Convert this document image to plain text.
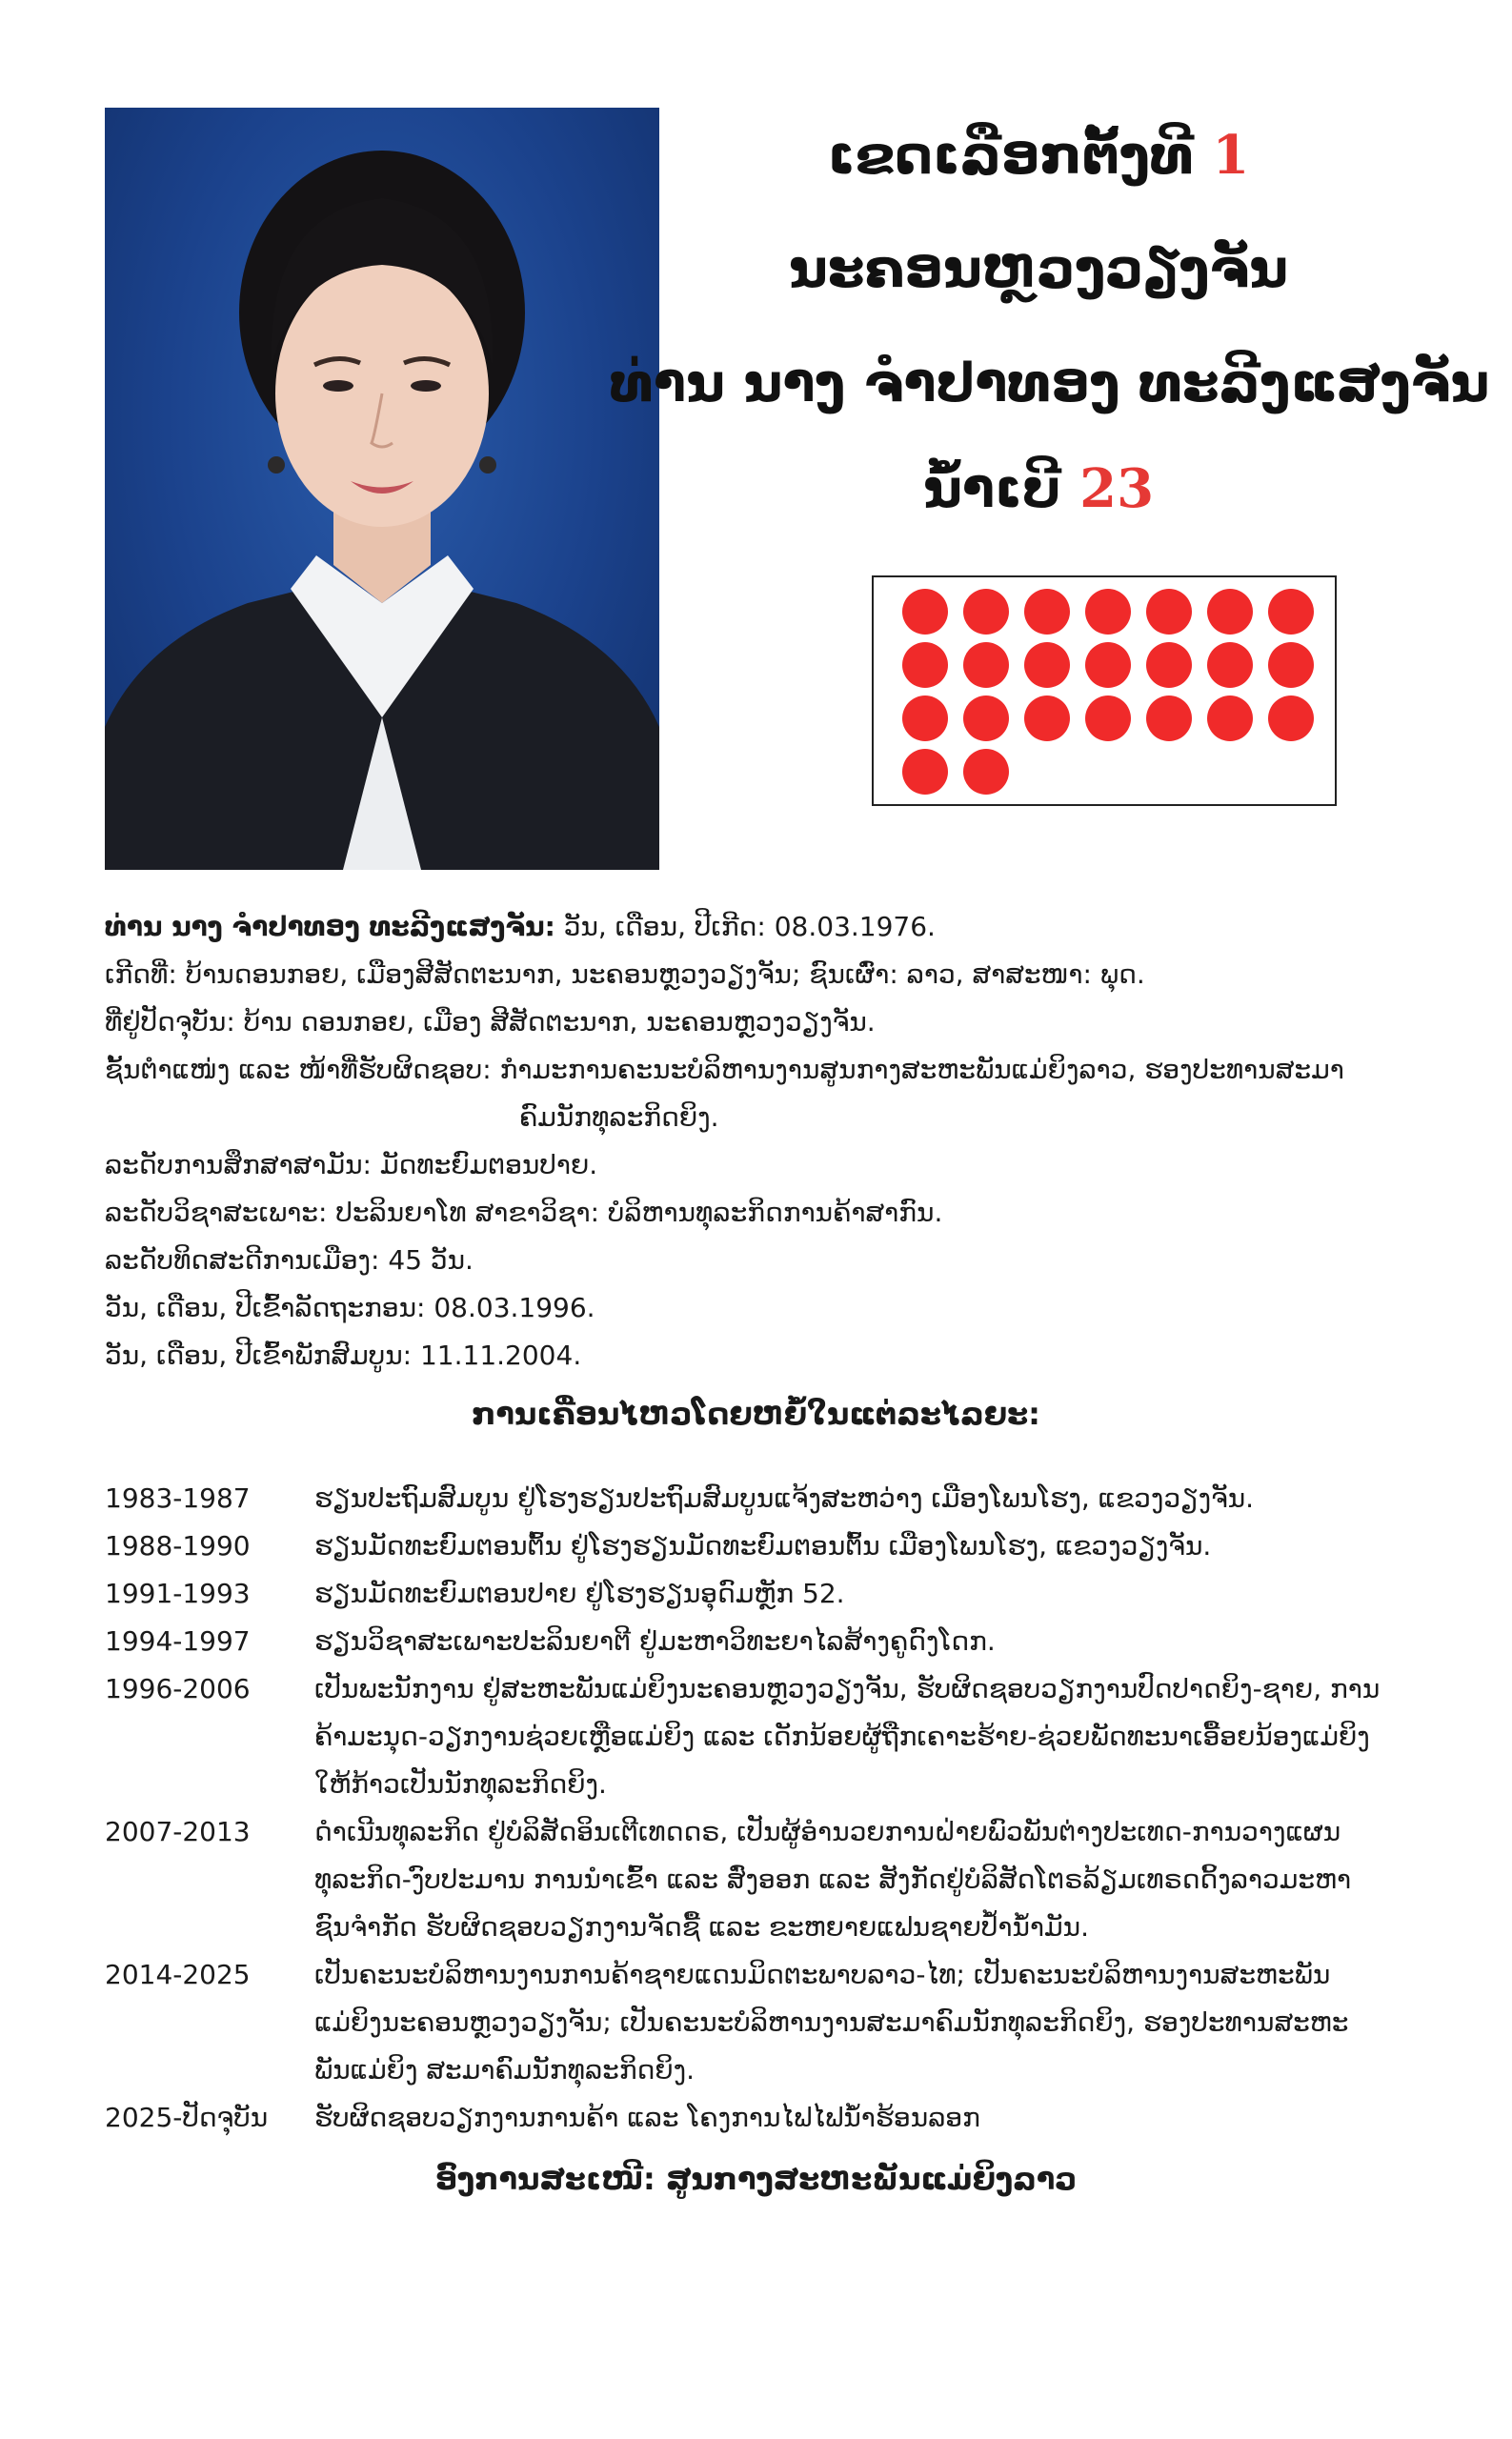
ເຂດເລືອກຕັ້ງທີ 1
ນະຄອນຫຼວງວຽງຈັນ
ທ່ານ ນາງ ຈຳປາທອງ ທະລີງແສງຈັນ
ນໍ້າເບີ 23
ທ່ານ ນາງ ຈຳປາທອງ ທະລີງແສງຈັນ: ວັນ, ເດືອນ, ປີເກີດ: 08.03.1976.
ເກີດທີ່: ບ້ານດອນກອຍ, ເມືອງສີສັດຕະນາກ, ນະຄອນຫຼວງວຽງຈັນ; ຊົນເຜົ່າ: ລາວ, ສາສະໜາ: ພຸດ.
ທີ່ຢູ່ປັດຈຸບັນ: ບ້ານ ດອນກອຍ, ເມືອງ ສີສັດຕະນາກ, ນະຄອນຫຼວງວຽງຈັນ.
ຊັ້ນຕຳແໜ່ງ ແລະ ໜ້າທີ່ຮັບຜິດຊອບ: ກຳມະການຄະນະບໍລິຫານງານສູນກາງສະຫະພັນແມ່ຍິງລາວ, ຮອງປະທານສະມາ
ຄົມນັກທຸລະກິດຍິງ.
ລະດັບການສຶກສາສາມັນ: ມັດທະຍົມຕອນປາຍ.
ລະດັບວິຊາສະເພາະ: ປະລິນຍາໂທ ສາຂາວິຊາ: ບໍລິຫານທຸລະກິດການຄ້າສາກົນ.
ລະດັບທິດສະດີການເມືອງ: 45 ວັນ.
ວັນ, ເດືອນ, ປີເຂົ້າລັດຖະກອນ: 08.03.1996.
ວັນ, ເດືອນ, ປີເຂົ້າພັກສົມບູນ: 11.11.2004.
ການເຄື່ອນໄຫວໂດຍຫຍໍ້ໃນແຕ່ລະໄລຍະ:
1983-1987	ຮຽນປະຖົມສົມບູນ ຢູ່ໂຮງຮຽນປະຖົມສົມບູນແຈ້ງສະຫວ່າງ ເມືອງໂພນໂຮງ, ແຂວງວຽງຈັນ.
1988-1990	ຮຽນມັດທະຍົມຕອນຕົ້ນ ຢູ່ໂຮງຮຽນມັດທະຍົມຕອນຕົ້ນ ເມືອງໂພນໂຮງ, ແຂວງວຽງຈັນ.
1991-1993	ຮຽນມັດທະຍົມຕອນປາຍ ຢູ່ໂຮງຮຽນອຸດົມຫຼັກ 52.
1994-1997	ຮຽນວິຊາສະເພາະປະລິນຍາຕີ ຢູ່ມະຫາວິທະຍາໄລສ້າງຄູດົງໂດກ.
1996-2006	ເປັນພະນັກງານ ຢູ່ສະຫະພັນແມ່ຍິງນະຄອນຫຼວງວຽງຈັນ, ຮັບຜິດຊອບວຽກງານປົດປາດຍິງ-ຊາຍ, ການ
ຄ້າມະນຸດ-ວຽກງານຊ່ວຍເຫຼືອແມ່ຍິງ ແລະ ເດັກນ້ອຍຜູ້ຖືກເຄາະຮ້າຍ-ຊ່ວຍພັດທະນາເອື້ອຍນ້ອງແມ່ຍິງ
ໃຫ້ກ້າວເປັນນັກທຸລະກິດຍິງ.
2007-2013	ດຳເນີນທຸລະກິດ ຢູ່ບໍລິສັດອິນເຕີເທດດຣ, ເປັນຜູ້ອຳນວຍການຝ່າຍພົວພັນຕ່າງປະເທດ-ການວາງແຜນ
ທຸລະກິດ-ງົບປະມານ ການນຳເຂົ້າ ແລະ ສົ່ງອອກ ແລະ ສັງກັດຢູ່ບໍລິສັດໂຕຣລ້ຽມເທຣດດິ້ງລາວມະຫາ
ຊົນຈຳກັດ ຮັບຜິດຊອບວຽກງານຈັດຊື້ ແລະ ຂະຫຍາຍແຟນຊາຍປໍ້ານໍ້າມັນ.
2014-2025	ເປັນຄະນະບໍລິຫານງານການຄ້າຊາຍແດນມິດຕະພາບລາວ-ໄທ; ເປັນຄະນະບໍລິຫານງານສະຫະພັນ
ແມ່ຍິງນະຄອນຫຼວງວຽງຈັນ; ເປັນຄະນະບໍລິຫານງານສະມາຄົມນັກທຸລະກິດຍິງ, ຮອງປະທານສະຫະ
ພັນແມ່ຍິງ ສະມາຄົມນັກທຸລະກິດຍິງ.
2025-ປັດຈຸບັນ	ຮັບຜິດຊອບວຽກງານການຄ້າ ແລະ ໂຄງການໄຟໄຟນໍ້າຮ້ອນລອກ
ອົງການສະເໜີ: ສູນກາງສະຫະພັນແມ່ຍິງລາວ
